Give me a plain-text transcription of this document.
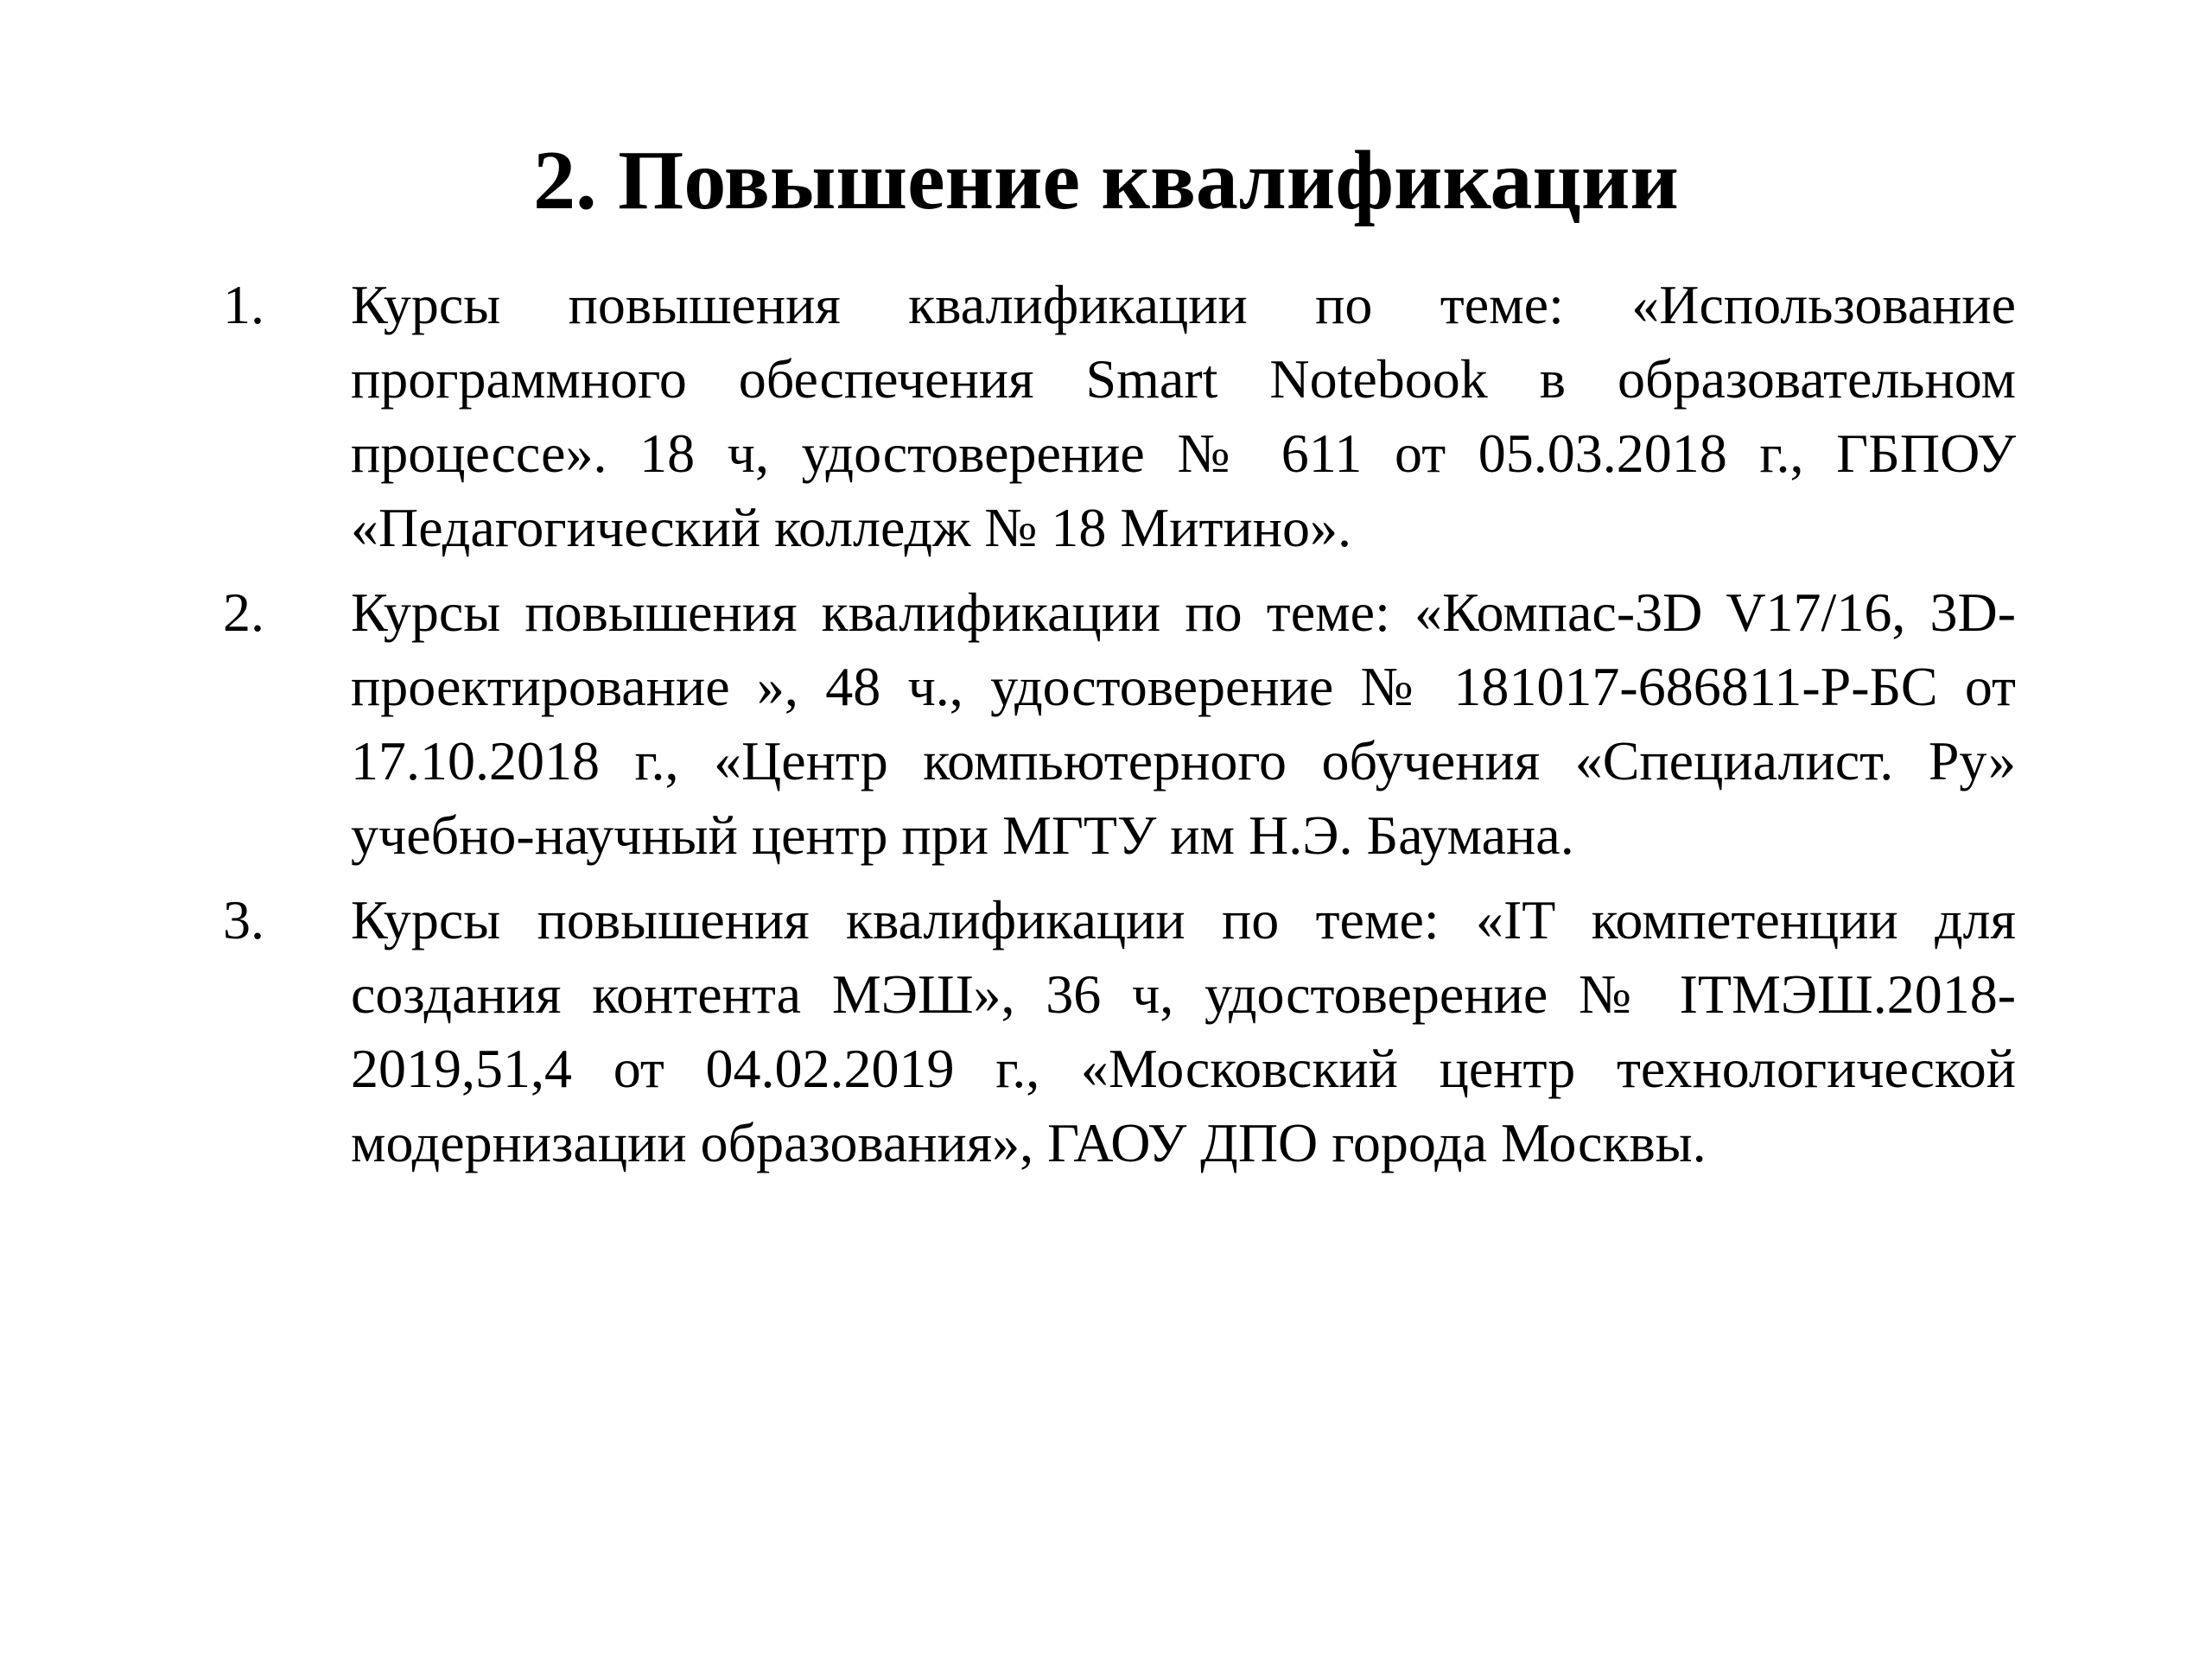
2. Повышение квалификации
1.	Курсы повышения квалификации по теме: «Использование программного обеспечения Smart Notebook в образовательном процессе». 18 ч, удостоверение № 611 от 05.03.2018 г., ГБПОУ «Педагогический колледж № 18 Митино».
2.	Курсы повышения квалификации по теме: «Компас-3D V17/16, 3D-проектирование », 48 ч., удостоверение № 181017-686811-Р-БС от 17.10.2018 г., «Центр компьютерного обучения «Специалист. Ру» учебно-научный центр при МГТУ им Н.Э. Баумана.
3.	Курсы повышения квалификации по теме: «IT компетенции для создания контента МЭШ», 36 ч, удостоверение № ITМЭШ.2018-2019,51,4 от 04.02.2019 г., «Московский центр технологической модернизации образования», ГАОУ ДПО города Москвы.
